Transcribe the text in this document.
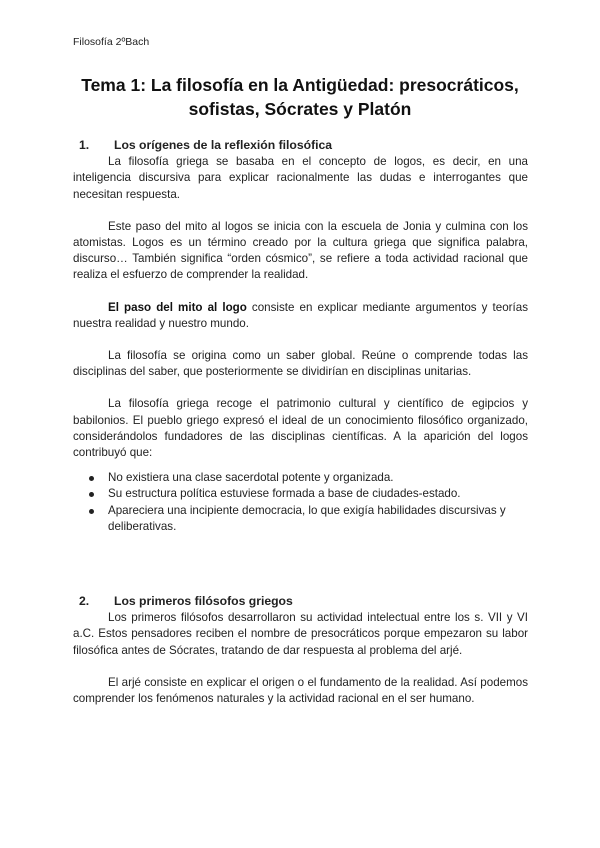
Filosofía 2ºBach
Tema 1: La filosofía en la Antigüedad: presocráticos,
sofistas, Sócrates y Platón
1.	Los orígenes de la reflexión filosófica

La filosofía griega se basaba en el concepto de logos, es decir, en una inteligencia discursiva para explicar racionalmente las dudas e interrogantes que necesitan respuesta.

Este paso del mito al logos se inicia con la escuela de Jonia y culmina con los atomistas. Logos es un término creado por la cultura griega que significa palabra, discurso… También significa “orden cósmico”, se refiere a toda actividad racional que realiza el esfuerzo de comprender la realidad.

El paso del mito al logo consiste en explicar mediante argumentos y teorías nuestra realidad y nuestro mundo.

La filosofía se origina como un saber global. Reúne o comprende todas las disciplinas del saber, que posteriormente se dividirían en disciplinas unitarias.

La filosofía griega recoge el patrimonio cultural y científico de egipcios y babilonios. El pueblo griego expresó el ideal de un conocimiento filosófico organizado, considerándolos fundadores de las disciplinas científicas. A la aparición del logos contribuyó que:

No existiera una clase sacerdotal potente y organizada.
Su estructura política estuviese formada a base de ciudades-estado.
Apareciera una incipiente democracia, lo que exigía habilidades discursivas y deliberativas.
2.	Los primeros filósofos griegos

Los primeros filósofos desarrollaron su actividad intelectual entre los s. VII y VI a.C. Estos pensadores reciben el nombre de presocráticos porque empezaron su labor filosófica antes de Sócrates, tratando de dar respuesta al problema del arjé.

El arjé consiste en explicar el origen o el fundamento de la realidad. Así podemos comprender los fenómenos naturales y la actividad racional en el ser humano.
